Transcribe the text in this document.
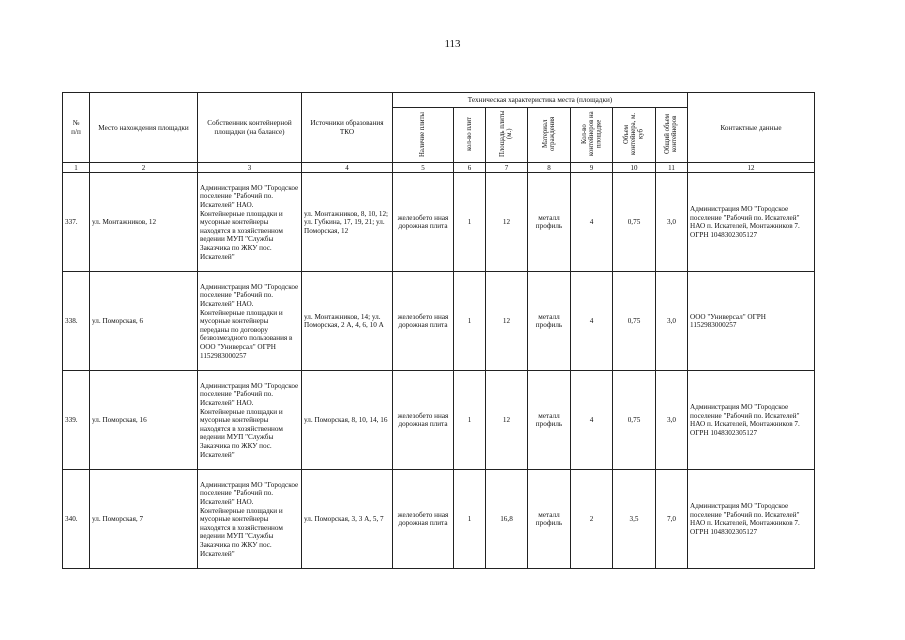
113
№
п/п	Место нахождения площадки	Собственник контейнерной площадки (на балансе)	Источники образования ТКО	Техническая характеристика места (площадки)							Контактные данные
				Наличие плиты	кол-во плит	Площадь плиты (м.)	Материал ограждения	Кол-во контейнеров на площадке	Объем контейнера, м. куб	Общий объем контейнеров	
1	2	3	4	5	6	7	8	9	10	11	12
337.	ул. Монтажников, 12	Администрация МО "Городское поселение "Рабочий по. Искателей" НАО. Контейнерные площадки и мусорные контейнеры находятся в хозяйственном ведении МУП "Службы Заказчика по ЖКУ пос. Искателей"	ул. Монтажников, 8, 10, 12; ул. Губкина, 17, 19, 21; ул. Поморская, 12	железобето нная дорожная плита	1	12	металл профиль	4	0,75	3,0	Администрация МО "Городское поселение "Рабочий по. Искателей" НАО п. Искателей, Монтажников 7. ОГРН 1048302305127
338.	ул. Поморская, 6	Администрация МО "Городское поселение "Рабочий по. Искателей" НАО. Контейнерные площадки и мусорные контейнеры переданы по договору безвозмездного пользования в ООО "Универсал" ОГРН 1152983000257	ул. Монтажников, 14; ул. Поморская, 2 А, 4, 6, 10 А	железобето нная дорожная плита	1	12	металл профиль	4	0,75	3,0	ООО "Универсал" ОГРН 1152983000257
339.	ул. Поморская, 16	Администрация МО "Городское поселение "Рабочий по. Искателей" НАО. Контейнерные площадки и мусорные контейнеры находятся в хозяйственном ведении МУП "Службы Заказчика по ЖКУ пос. Искателей"	ул. Поморская, 8, 10, 14, 16	железобето нная дорожная плита	1	12	металл профиль	4	0,75	3,0	Администрация МО "Городское поселение "Рабочий по. Искателей" НАО п. Искателей, Монтажников 7. ОГРН 1048302305127
340.	ул. Поморская, 7	Администрация МО "Городское поселение "Рабочий по. Искателей" НАО. Контейнерные площадки и мусорные контейнеры находятся в хозяйственном ведении МУП "Службы Заказчика по ЖКУ пос. Искателей"	ул. Поморская, 3, 3 А, 5, 7	железобето нная дорожная плита	1	16,8	металл профиль	2	3,5	7,0	Администрация МО "Городское поселение "Рабочий по. Искателей" НАО п. Искателей, Монтажников 7. ОГРН 1048302305127
